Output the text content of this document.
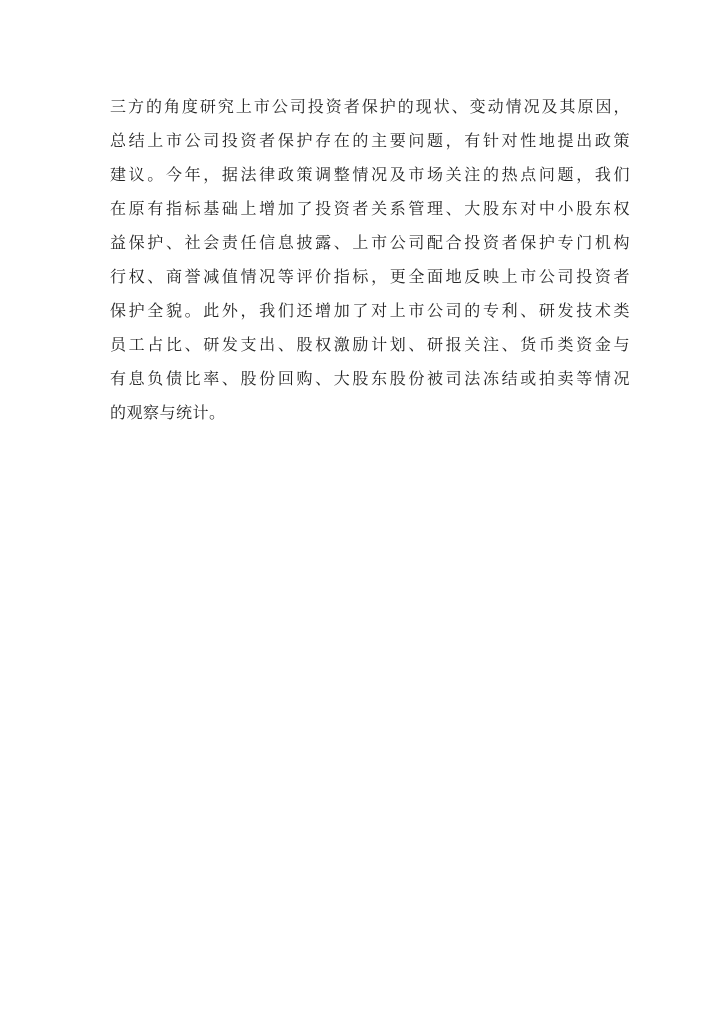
三方的角度研究上市公司投资者保护的现状、变动情况及其原因，
总结上市公司投资者保护存在的主要问题，有针对性地提出政策
建议。今年，据法律政策调整情况及市场关注的热点问题，我们
在原有指标基础上增加了投资者关系管理、大股东对中小股东权
益保护、社会责任信息披露、上市公司配合投资者保护专门机构
行权、商誉减值情况等评价指标，更全面地反映上市公司投资者
保护全貌。此外，我们还增加了对上市公司的专利、研发技术类
员工占比、研发支出、股权激励计划、研报关注、货币类资金与
有息负债比率、股份回购、大股东股份被司法冻结或拍卖等情况
的观察与统计。
